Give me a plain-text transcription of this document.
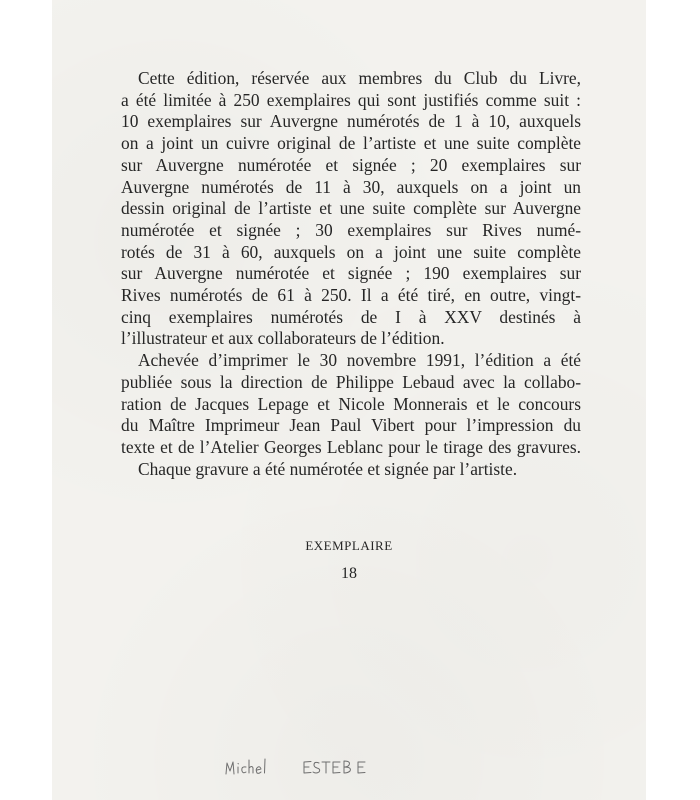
Cette édition, réservée aux membres du Club du Livre,
a été limitée à 250 exemplaires qui sont justifiés comme suit :
10 exemplaires sur Auvergne numérotés de 1 à 10, auxquels
on a joint un cuivre original de l’artiste et une suite complète
sur Auvergne numérotée et signée ; 20 exemplaires sur
Auvergne numérotés de 11 à 30, auxquels on a joint un
dessin original de l’artiste et une suite complète sur Auvergne
numérotée et signée ; 30 exemplaires sur Rives numé-
rotés de 31 à 60, auxquels on a joint une suite complète
sur Auvergne numérotée et signée ; 190 exemplaires sur
Rives numérotés de 61 à 250. Il a été tiré, en outre, vingt-
cinq exemplaires numérotés de I à XXV destinés à
l’illustrateur et aux collaborateurs de l’édition.

Achevée d’imprimer le 30 novembre 1991, l’édition a été
publiée sous la direction de Philippe Lebaud avec la collabo-
ration de Jacques Lepage et Nicole Monnerais et le concours
du Maître Imprimeur Jean Paul Vibert pour l’impression du
texte et de l’Atelier Georges Leblanc pour le tirage des gravures.

Chaque gravure a été numérotée et signée par l’artiste.

EXEMPLAIRE
18
